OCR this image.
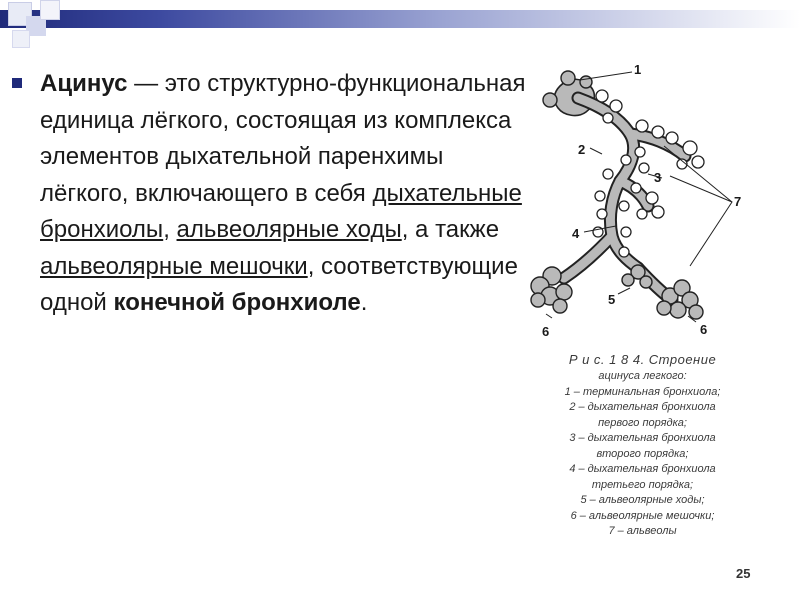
Ацинус — это структурно-функциональная единица лёгкого, состоящая из комплекса элементов дыхательной паренхимы лёгкого, включающего в себя дыхательные бронхиолы, альвеолярные ходы, а также альвеолярные мешочки, соответствующие одной конечной бронхиоле.
1
2
3
4
5
6	6
7
Р и с. 1 8 4. Строение
ацинуса легкого:
1 – терминальная бронхиола;
2 – дыхательная бронхиола
первого порядка;
3 – дыхательная бронхиола
второго порядка;
4 – дыхательная бронхиола
третьего порядка;
5 – альвеолярные ходы;
6 – альвеолярные мешочки;
7 – альвеолы
25
